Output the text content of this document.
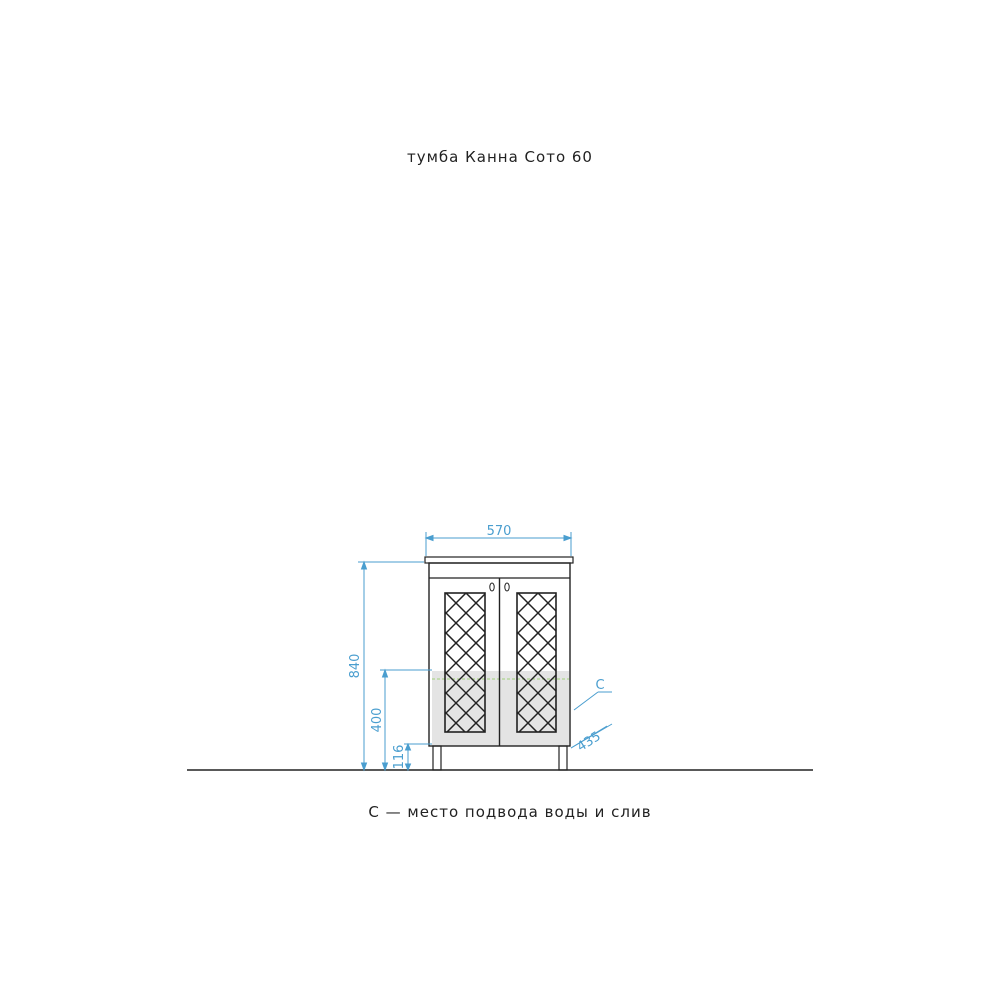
тумба Канна Сото 60
570
840
400
116
435
С
С — место подвода воды и слив
